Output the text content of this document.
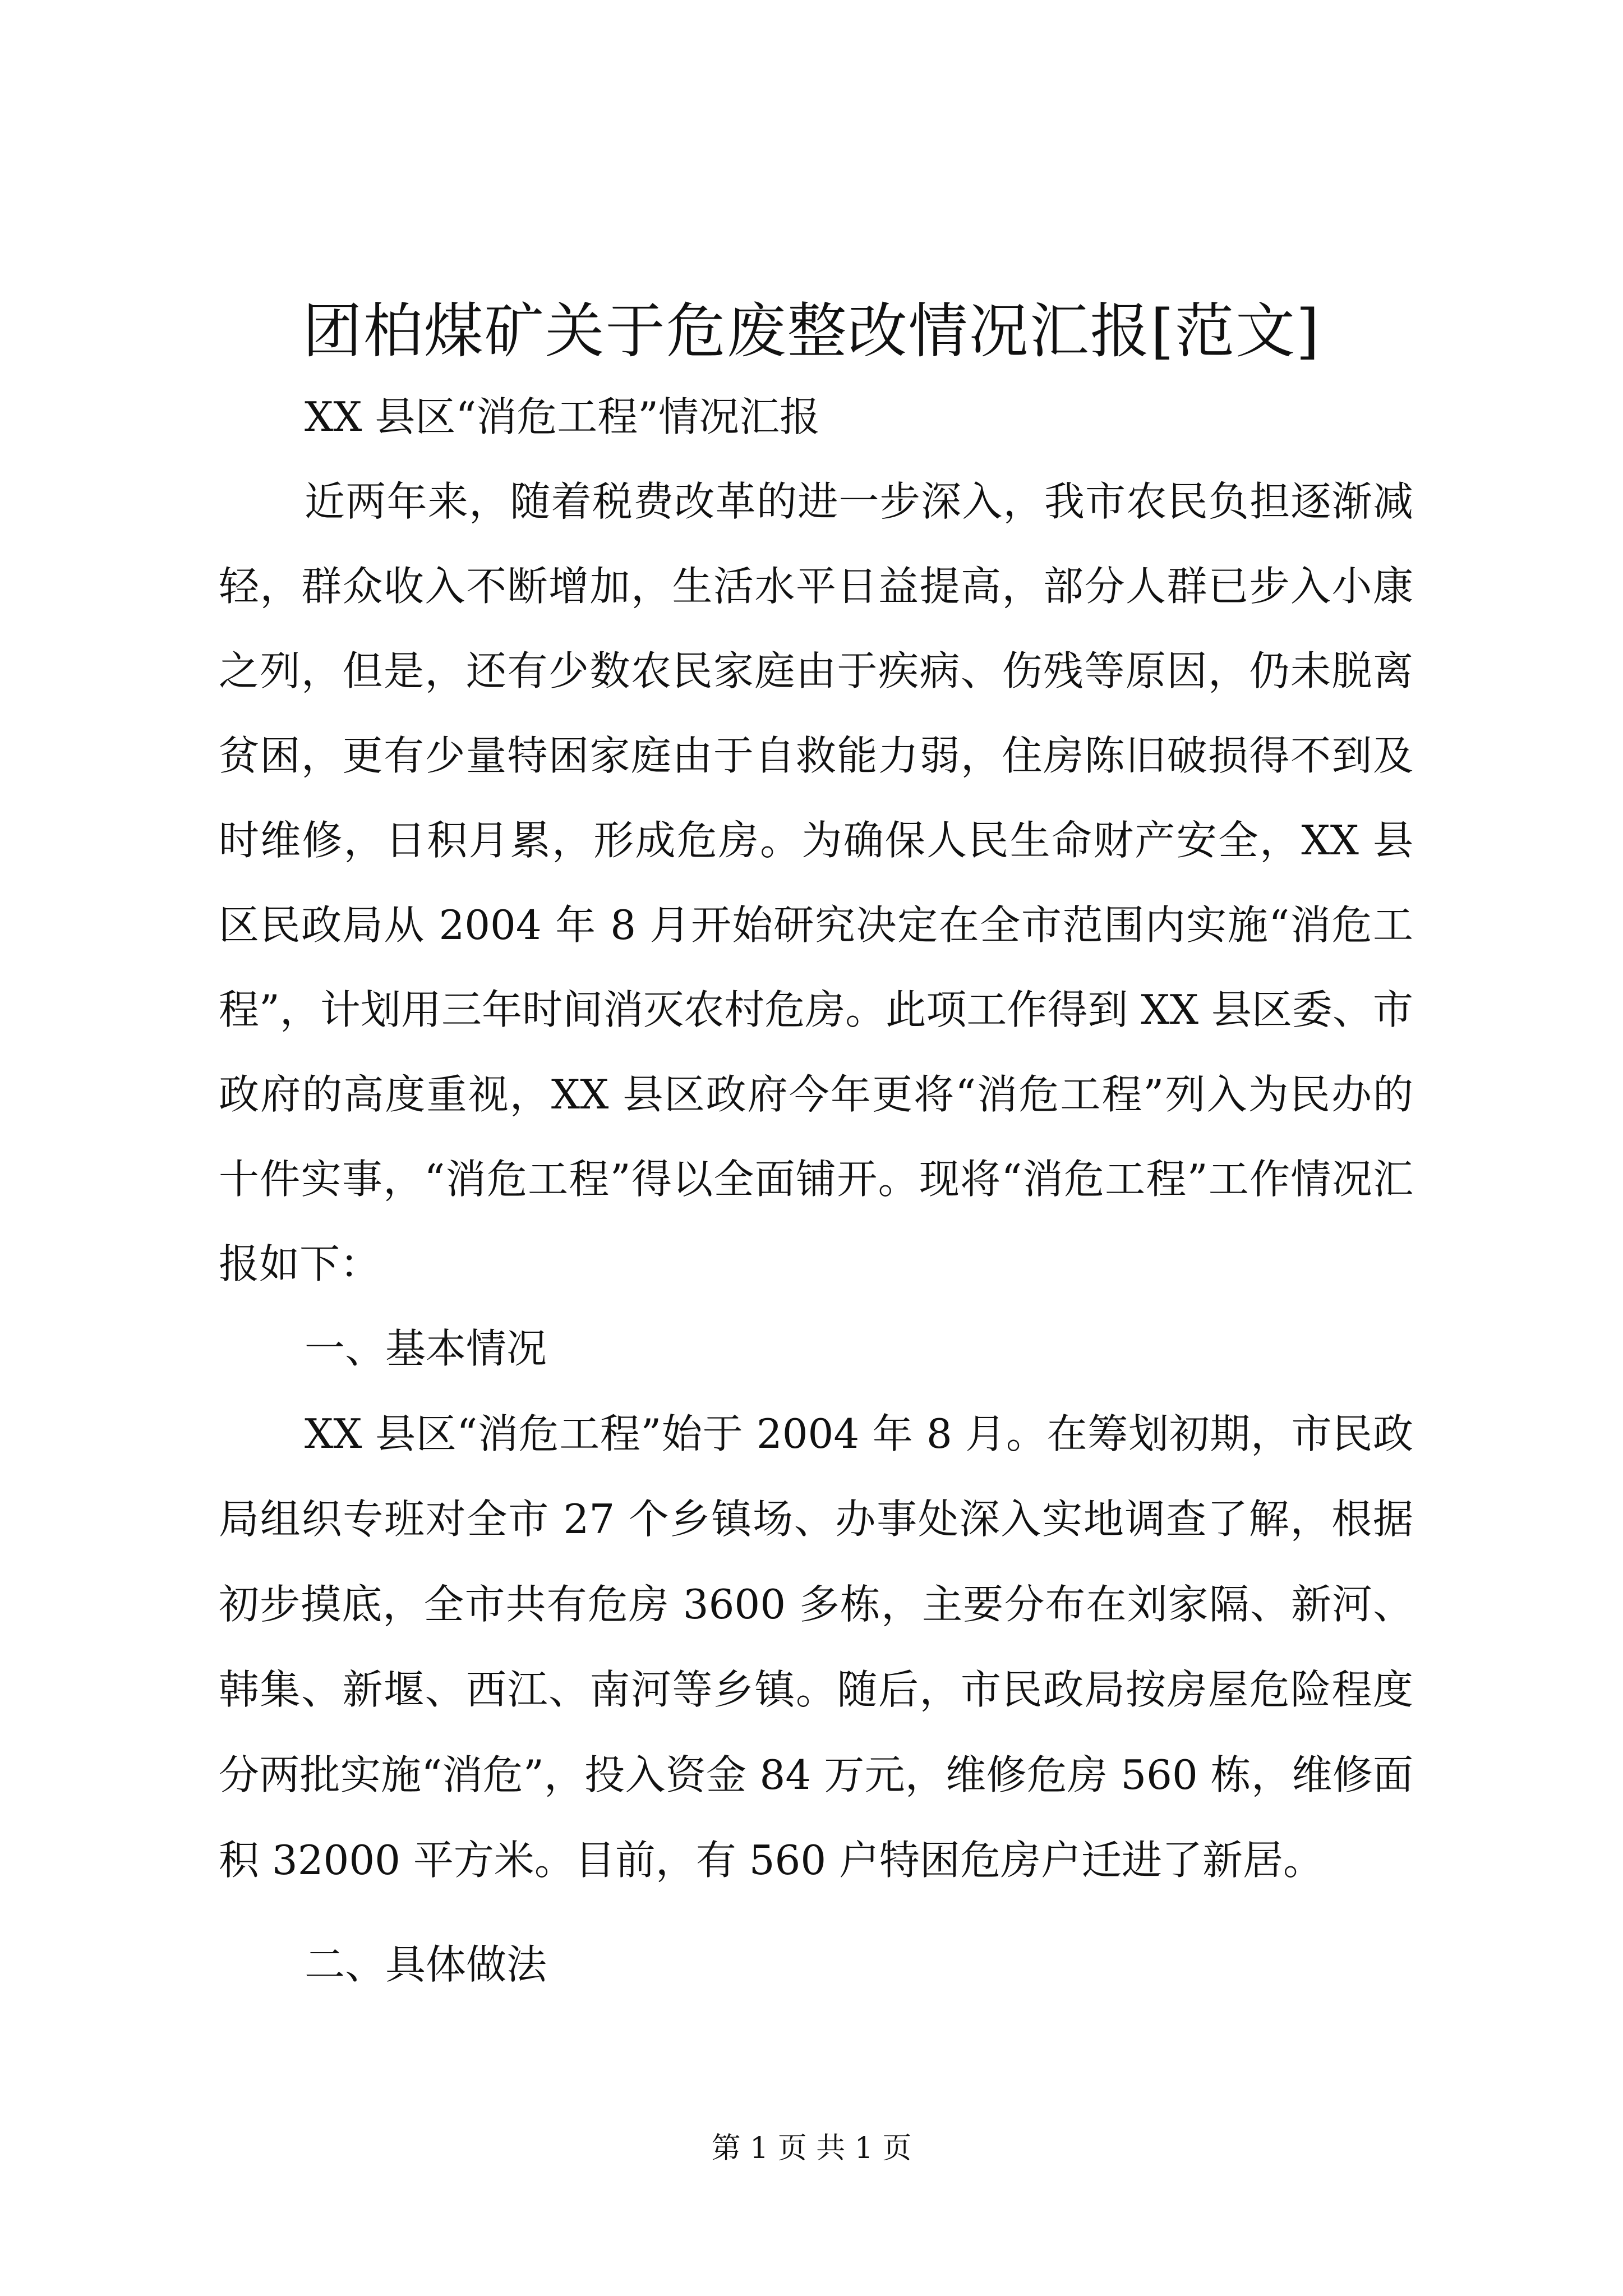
团柏煤矿关于危废整改情况汇报[范文]

XX 县区“消危工程”情况汇报

近两年来，随着税费改革的进一步深入，我市农民负担逐渐减轻，群众收入不断增加，生活水平日益提高，部分人群已步入小康之列，但是，还有少数农民家庭由于疾病、伤残等原因，仍未脱离贫困，更有少量特困家庭由于自救能力弱，住房陈旧破损得不到及时维修，日积月累，形成危房。为确保人民生命财产安全，XX 县区民政局从 2004 年 8 月开始研究决定在全市范围内实施“消危工程”，计划用三年时间消灭农村危房。此项工作得到 XX 县区委、市政府的高度重视，XX 县区政府今年更将“消危工程”列入为民办的十件实事，“消危工程”得以全面铺开。现将“消危工程”工作情况汇报如下：

一、基本情况

XX 县区“消危工程”始于 2004 年 8 月。在筹划初期，市民政局组织专班对全市 27 个乡镇场、办事处深入实地调查了解，根据初步摸底，全市共有危房 3600 多栋，主要分布在刘家隔、新河、韩集、新堰、西江、南河等乡镇。随后，市民政局按房屋危险程度分两批实施“消危”，投入资金 84 万元，维修危房 560 栋，维修面积 32000 平方米。目前，有 560 户特困危房户迁进了新居。

二、具体做法

第 1 页 共 1 页
